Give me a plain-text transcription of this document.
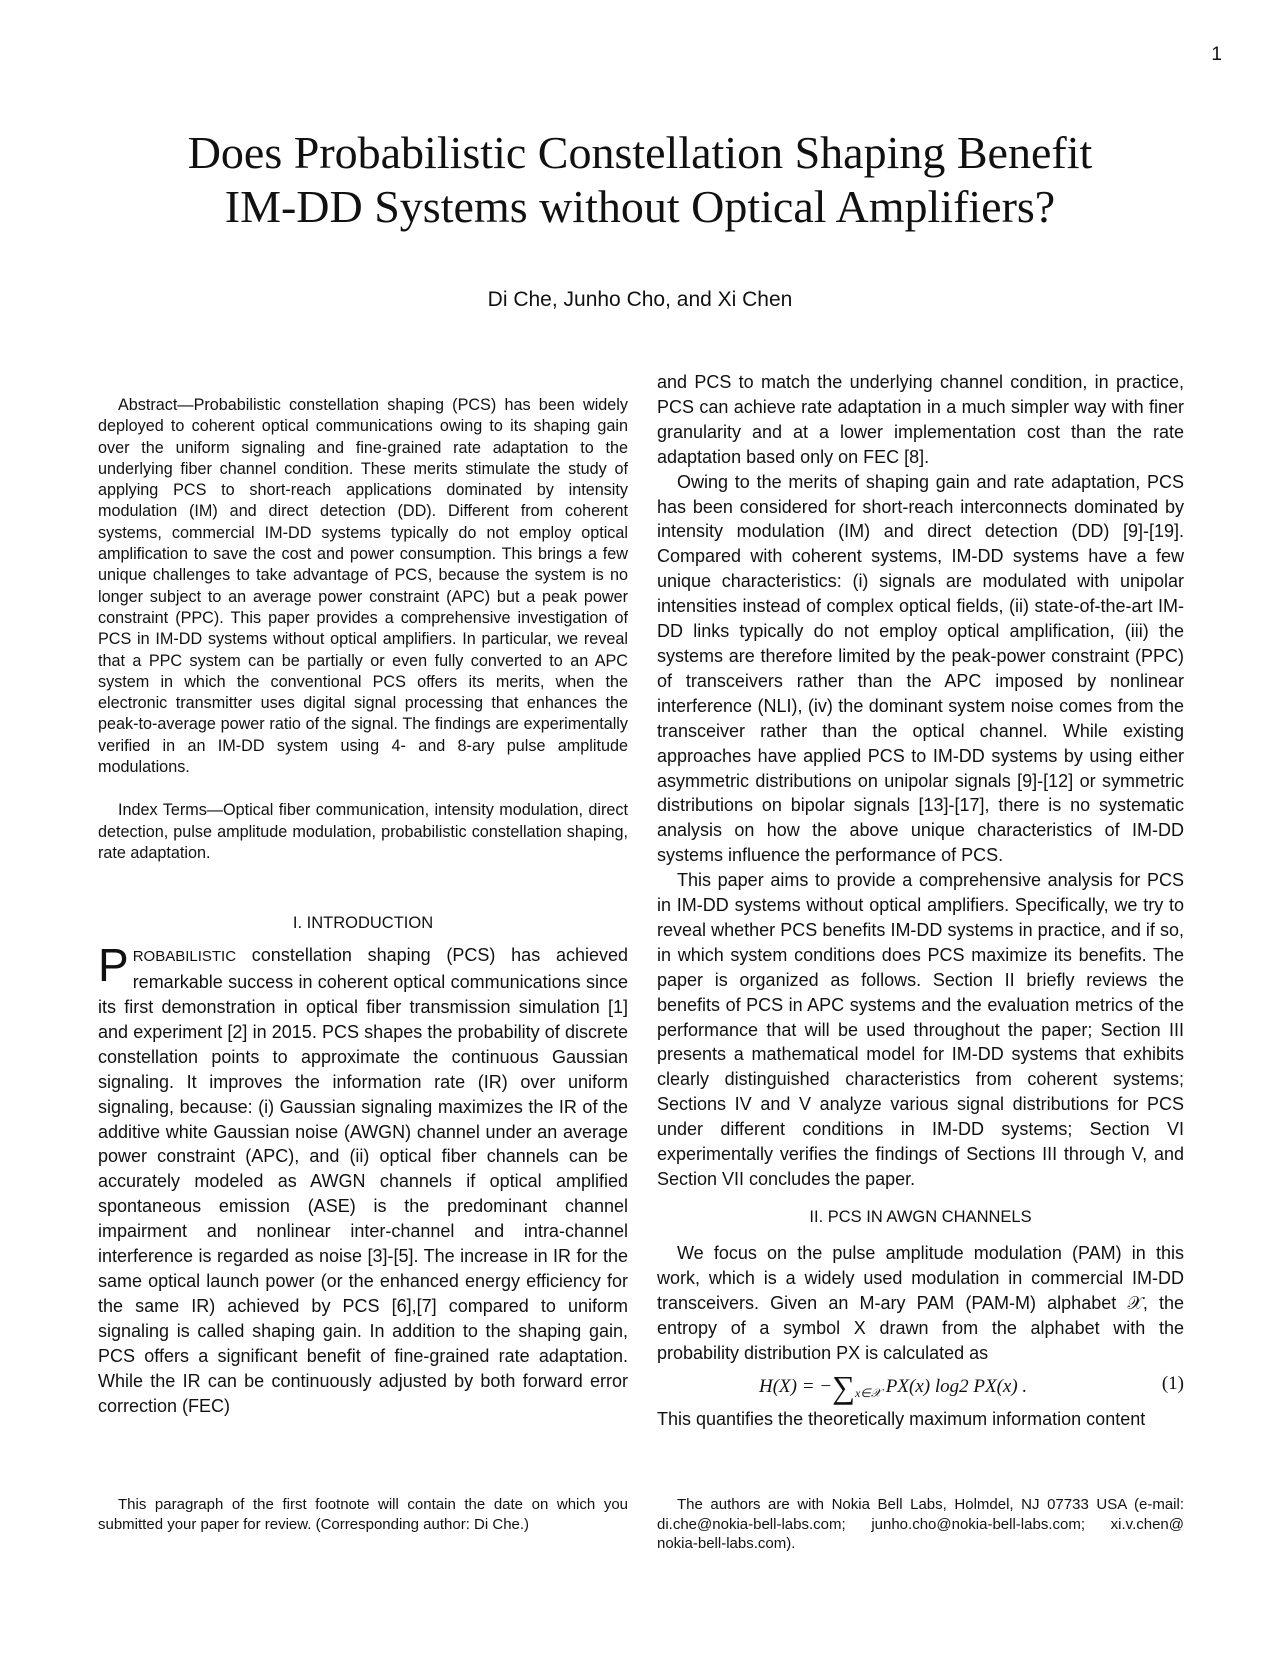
1
Does Probabilistic Constellation Shaping Benefit
IM-DD Systems without Optical Amplifiers?
Di Che, Junho Cho, and Xi Chen

Abstract—Probabilistic constellation shaping (PCS) has been widely deployed to coherent optical communications owing to its shaping gain over the uniform signaling and fine-grained rate adaptation to the underlying fiber channel condition. These merits stimulate the study of applying PCS to short-reach applications dominated by intensity modulation (IM) and direct detection (DD). Different from coherent systems, commercial IM-DD systems typically do not employ optical amplification to save the cost and power consumption. This brings a few unique challenges to take advantage of PCS, because the system is no longer subject to an average power constraint (APC) but a peak power constraint (PPC). This paper provides a comprehensive investigation of PCS in IM-DD systems without optical amplifiers. In particular, we reveal that a PPC system can be partially or even fully converted to an APC system in which the conventional PCS offers its merits, when the electronic transmitter uses digital signal processing that enhances the peak-to-average power ratio of the signal. The findings are experimentally verified in an IM-DD system using 4- and 8-ary pulse amplitude modulations.

Index Terms—Optical fiber communication, intensity modulation, direct detection, pulse amplitude modulation, probabilistic constellation shaping, rate adaptation.

I. INTRODUCTION

PROBABILISTIC constellation shaping (PCS) has achieved remarkable success in coherent optical communications since its first demonstration in optical fiber transmission simulation [1] and experiment [2] in 2015. PCS shapes the probability of discrete constellation points to approximate the continuous Gaussian signaling. It improves the information rate (IR) over uniform signaling, because: (i) Gaussian signaling maximizes the IR of the additive white Gaussian noise (AWGN) channel under an average power constraint (APC), and (ii) optical fiber channels can be accurately modeled as AWGN channels if optical amplified spontaneous emission (ASE) is the predominant channel impairment and nonlinear inter-channel and intra-channel interference is regarded as noise [3]-[5]. The increase in IR for the same optical launch power (or the enhanced energy efficiency for the same IR) achieved by PCS [6],[7] compared to uniform signaling is called shaping gain. In addition to the shaping gain, PCS offers a significant benefit of fine-grained rate adaptation. While the IR can be continuously adjusted by both forward error correction (FEC)

and PCS to match the underlying channel condition, in practice, PCS can achieve rate adaptation in a much simpler way with finer granularity and at a lower implementation cost than the rate adaptation based only on FEC [8].

Owing to the merits of shaping gain and rate adaptation, PCS has been considered for short-reach interconnects dominated by intensity modulation (IM) and direct detection (DD) [9]-[19]. Compared with coherent systems, IM-DD systems have a few unique characteristics: (i) signals are modulated with unipolar intensities instead of complex optical fields, (ii) state-of-the-art IM-DD links typically do not employ optical amplification, (iii) the systems are therefore limited by the peak-power constraint (PPC) of transceivers rather than the APC imposed by nonlinear interference (NLI), (iv) the dominant system noise comes from the transceiver rather than the optical channel. While existing approaches have applied PCS to IM-DD systems by using either asymmetric distributions on unipolar signals [9]-[12] or symmetric distributions on bipolar signals [13]-[17], there is no systematic analysis on how the above unique characteristics of IM-DD systems influence the performance of PCS.

This paper aims to provide a comprehensive analysis for PCS in IM-DD systems without optical amplifiers. Specifically, we try to reveal whether PCS benefits IM-DD systems in practice, and if so, in which system conditions does PCS maximize its benefits. The paper is organized as follows. Section II briefly reviews the benefits of PCS in APC systems and the evaluation metrics of the performance that will be used throughout the paper; Section III presents a mathematical model for IM-DD systems that exhibits clearly distinguished characteristics from coherent systems; Sections IV and V analyze various signal distributions for PCS under different conditions in IM-DD systems; Section VI experimentally verifies the findings of Sections III through V, and Section VII concludes the paper.

II. PCS IN AWGN CHANNELS

We focus on the pulse amplitude modulation (PAM) in this work, which is a widely used modulation in commercial IM-DD transceivers. Given an M-ary PAM (PAM-M) alphabet 𝒳, the entropy of a symbol X drawn from the alphabet with the probability distribution PX is calculated as

$H(X) = -\sum_{x\in 𝒳}$ PX(x) log2 PX(x) .	(1)

This quantifies the theoretically maximum information content

This paragraph of the first footnote will contain the date on which you submitted your paper for review. (Corresponding author: Di Che.)

The authors are with Nokia Bell Labs, Holmdel, NJ 07733 USA (e-mail: di.che@nokia-bell-labs.com; junho.cho@nokia-bell-labs.com; xi.v.chen@ nokia-bell-labs.com).
